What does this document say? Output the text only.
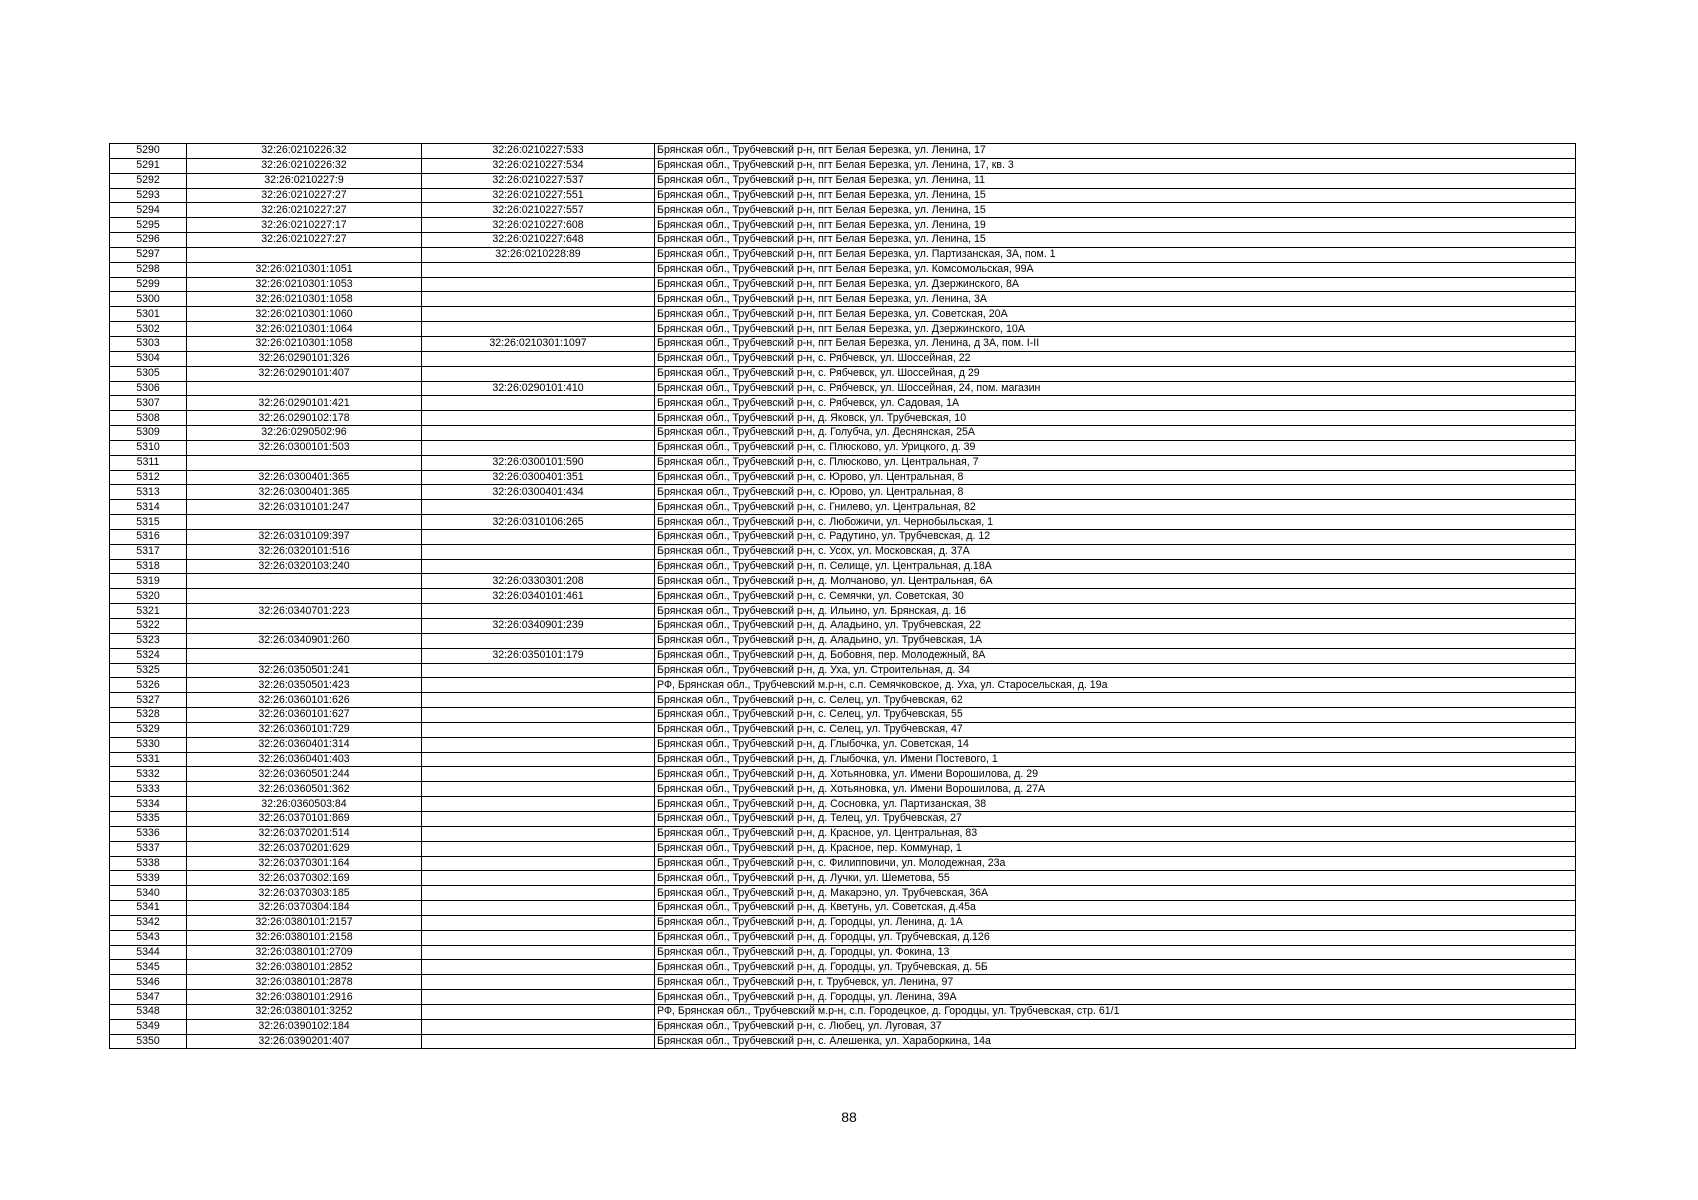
5290	32:26:0210226:32	32:26:0210227:533	Брянская обл., Трубчевский р-н, пгт Белая Березка, ул. Ленина, 17
5291	32:26:0210226:32	32:26:0210227:534	Брянская обл., Трубчевский р-н, пгт Белая Березка, ул. Ленина, 17, кв. 3
5292	32:26:0210227:9	32:26:0210227:537	Брянская обл., Трубчевский р-н, пгт Белая Березка, ул. Ленина, 11
5293	32:26:0210227:27	32:26:0210227:551	Брянская обл., Трубчевский р-н, пгт Белая Березка, ул. Ленина, 15
5294	32:26:0210227:27	32:26:0210227:557	Брянская обл., Трубчевский р-н, пгт Белая Березка, ул. Ленина, 15
5295	32:26:0210227:17	32:26:0210227:608	Брянская обл., Трубчевский р-н, пгт Белая Березка, ул. Ленина, 19
5296	32:26:0210227:27	32:26:0210227:648	Брянская обл., Трубчевский р-н, пгт Белая Березка, ул. Ленина, 15
5297		32:26:0210228:89	Брянская обл., Трубчевский р-н, пгт Белая Березка, ул. Партизанская, 3А, пом. 1
5298	32:26:0210301:1051		Брянская обл., Трубчевский р-н, пгт Белая Березка, ул. Комсомольская, 99А
5299	32:26:0210301:1053		Брянская обл., Трубчевский р-н, пгт Белая Березка, ул. Дзержинского, 8А
5300	32:26:0210301:1058		Брянская обл., Трубчевский р-н, пгт Белая Березка, ул. Ленина, 3А
5301	32:26:0210301:1060		Брянская обл., Трубчевский р-н, пгт Белая Березка, ул. Советская, 20А
5302	32:26:0210301:1064		Брянская обл., Трубчевский р-н, пгт Белая Березка, ул. Дзержинского, 10А
5303	32:26:0210301:1058	32:26:0210301:1097	Брянская обл., Трубчевский р-н, пгт Белая Березка, ул. Ленина, д 3А, пом. I-II
5304	32:26:0290101:326		Брянская обл., Трубчевский р-н, с. Рябчевск, ул. Шоссейная, 22
5305	32:26:0290101:407		Брянская обл., Трубчевский р-н, с. Рябчевск, ул. Шоссейная, д 29
5306		32:26:0290101:410	Брянская обл., Трубчевский р-н, с. Рябчевск, ул. Шоссейная, 24, пом. магазин
5307	32:26:0290101:421		Брянская обл., Трубчевский р-н, с. Рябчевск, ул. Садовая, 1А
5308	32:26:0290102:178		Брянская обл., Трубчевский р-н, д. Яковск, ул. Трубчевская, 10
5309	32:26:0290502:96		Брянская обл., Трубчевский р-н, д. Голубча, ул. Деснянская, 25А
5310	32:26:0300101:503		Брянская обл., Трубчевский р-н, с. Плюсково, ул. Урицкого, д. 39
5311		32:26:0300101:590	Брянская обл., Трубчевский р-н, с. Плюсково, ул. Центральная, 7
5312	32:26:0300401:365	32:26:0300401:351	Брянская обл., Трубчевский р-н, с. Юрово, ул. Центральная, 8
5313	32:26:0300401:365	32:26:0300401:434	Брянская обл., Трубчевский р-н, с. Юрово, ул. Центральная, 8
5314	32:26:0310101:247		Брянская обл., Трубчевский р-н, с. Гнилево, ул. Центральная, 82
5315		32:26:0310106:265	Брянская обл., Трубчевский р-н, с. Любожичи, ул. Чернобыльская, 1
5316	32:26:0310109:397		Брянская обл., Трубчевский р-н, с. Радутино, ул. Трубчевская, д. 12
5317	32:26:0320101:516		Брянская обл., Трубчевский р-н, с. Усох, ул. Московская, д. 37А
5318	32:26:0320103:240		Брянская обл., Трубчевский р-н, п. Селище, ул. Центральная, д.18А
5319		32:26:0330301:208	Брянская обл., Трубчевский р-н, д. Молчаново, ул. Центральная, 6А
5320		32:26:0340101:461	Брянская обл., Трубчевский р-н, с. Семячки, ул. Советская, 30
5321	32:26:0340701:223		Брянская обл., Трубчевский р-н, д. Ильино, ул. Брянская, д. 16
5322		32:26:0340901:239	Брянская обл., Трубчевский р-н, д. Аладьино, ул. Трубчевская, 22
5323	32:26:0340901:260		Брянская обл., Трубчевский р-н, д. Аладьино, ул. Трубчевская, 1А
5324		32:26:0350101:179	Брянская обл., Трубчевский р-н, д. Бобовня, пер. Молодежный, 8А
5325	32:26:0350501:241		Брянская обл., Трубчевский р-н, д. Уха, ул. Строительная, д. 34
5326	32:26:0350501:423		РФ, Брянская обл., Трубчевский м.р-н, с.п. Семячковское, д. Уха, ул. Старосельская, д. 19а
5327	32:26:0360101:626		Брянская обл., Трубчевский р-н, с. Селец, ул. Трубчевская, 62
5328	32:26:0360101:627		Брянская обл., Трубчевский р-н, с. Селец, ул. Трубчевская, 55
5329	32:26:0360101:729		Брянская обл., Трубчевский р-н, с. Селец, ул. Трубчевская, 47
5330	32:26:0360401:314		Брянская обл., Трубчевский р-н, д. Глыбочка, ул. Советская, 14
5331	32:26:0360401:403		Брянская обл., Трубчевский р-н, д. Глыбочка, ул. Имени Постевого, 1
5332	32:26:0360501:244		Брянская обл., Трубчевский р-н, д. Хотьяновка, ул. Имени Ворошилова, д. 29
5333	32:26:0360501:362		Брянская обл., Трубчевский р-н, д. Хотьяновка, ул. Имени Ворошилова, д. 27А
5334	32:26:0360503:84		Брянская обл., Трубчевский р-н, д. Сосновка, ул. Партизанская, 38
5335	32:26:0370101:869		Брянская обл., Трубчевский р-н, д. Телец, ул. Трубчевская, 27
5336	32:26:0370201:514		Брянская обл., Трубчевский р-н, д. Красное, ул. Центральная, 83
5337	32:26:0370201:629		Брянская обл., Трубчевский р-н, д. Красное, пер. Коммунар, 1
5338	32:26:0370301:164		Брянская обл., Трубчевский р-н, с. Филипповичи, ул. Молодежная, 23а
5339	32:26:0370302:169		Брянская обл., Трубчевский р-н, д. Лучки, ул. Шеметова, 55
5340	32:26:0370303:185		Брянская обл., Трубчевский р-н, д. Макарэно, ул. Трубчевская, 36А
5341	32:26:0370304:184		Брянская обл., Трубчевский р-н, д. Кветунь, ул. Советская, д.45а
5342	32:26:0380101:2157		Брянская обл., Трубчевский р-н, д. Городцы, ул. Ленина, д. 1А
5343	32:26:0380101:2158		Брянская обл., Трубчевский р-н, д. Городцы, ул. Трубчевская, д.126
5344	32:26:0380101:2709		Брянская обл., Трубчевский р-н, д. Городцы, ул. Фокина, 13
5345	32:26:0380101:2852		Брянская обл., Трубчевский р-н, д. Городцы, ул. Трубчевская, д. 5Б
5346	32:26:0380101:2878		Брянская обл., Трубчевский р-н, г. Трубчевск, ул. Ленина, 97
5347	32:26:0380101:2916		Брянская обл., Трубчевский р-н, д. Городцы, ул. Ленина, 39А
5348	32:26:0380101:3252		РФ, Брянская обл., Трубчевский м.р-н, с.п. Городецкое, д. Городцы, ул. Трубчевская, стр. 61/1
5349	32:26:0390102:184		Брянская обл., Трубчевский р-н, с. Любец, ул. Луговая, 37
5350	32:26:0390201:407		Брянская обл., Трубчевский р-н, с. Алешенка, ул. Хараборкина, 14а
88
